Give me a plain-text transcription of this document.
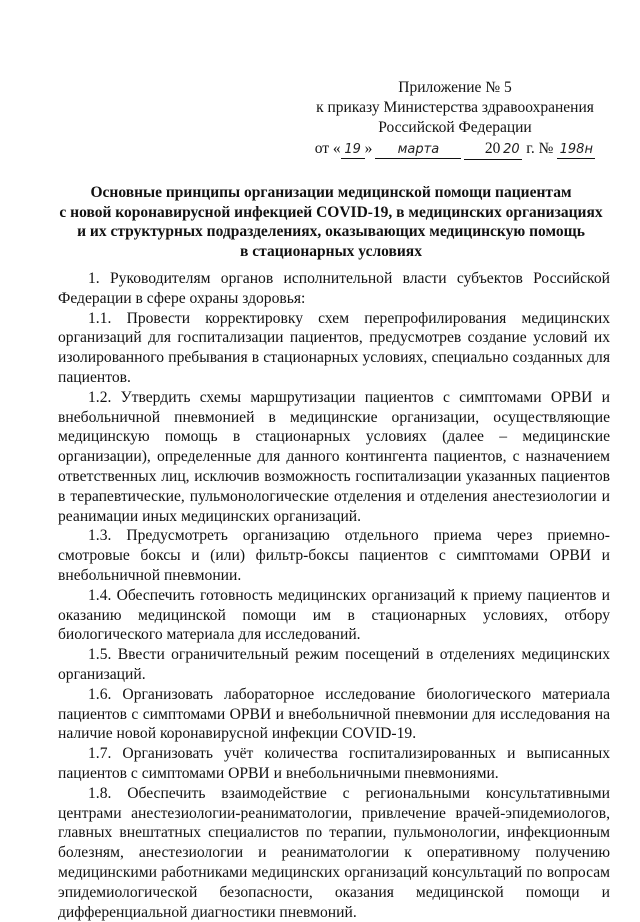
Приложение № 5
к приказу Министерства здравоохранения
Российской Федерации
от « 19 » марта	20 20 г. № 198н
Основные принципы организации медицинской помощи пациентам
с новой коронавирусной инфекцией COVID-19, в медицинских организациях
и их структурных подразделениях, оказывающих медицинскую помощь
в стационарных условиях

1. Руководителям органов исполнительной власти субъектов Российской Федерации в сфере охраны здоровья:

1.1. Провести корректировку схем перепрофилирования медицинских организаций для госпитализации пациентов, предусмотрев создание условий их изолированного пребывания в стационарных условиях, специально созданных для пациентов.

1.2. Утвердить схемы маршрутизации пациентов с симптомами ОРВИ и внебольничной пневмонией в медицинские организации, осуществляющие медицинскую помощь в стационарных условиях (далее – медицинские организации), определенные для данного контингента пациентов, с назначением ответственных лиц, исключив возможность госпитализации указанных пациентов в терапевтические, пульмонологические отделения и отделения анестезиологии и реанимации иных медицинских организаций.

1.3. Предусмотреть организацию отдельного приема через приемно-смотровые боксы и (или) фильтр-боксы пациентов с симптомами ОРВИ и внебольничной пневмонии.

1.4. Обеспечить готовность медицинских организаций к приему пациентов и оказанию медицинской помощи им в стационарных условиях, отбору биологического материала для исследований.

1.5. Ввести ограничительный режим посещений в отделениях медицинских организаций.

1.6. Организовать лабораторное исследование биологического материала пациентов с симптомами ОРВИ и внебольничной пневмонии для исследования на наличие новой коронавирусной инфекции COVID-19.

1.7. Организовать учёт количества госпитализированных и выписанных пациентов с симптомами ОРВИ и внебольничными пневмониями.

1.8. Обеспечить взаимодействие с региональными консультативными центрами анестезиологии-реаниматологии, привлечение врачей-эпидемиологов, главных внештатных специалистов по терапии, пульмонологии, инфекционным болезням, анестезиологии и реаниматологии к оперативному получению медицинскими работниками медицинских организаций консультаций по вопросам эпидемиологической безопасности, оказания медицинской помощи и дифференциальной диагностики пневмоний.
